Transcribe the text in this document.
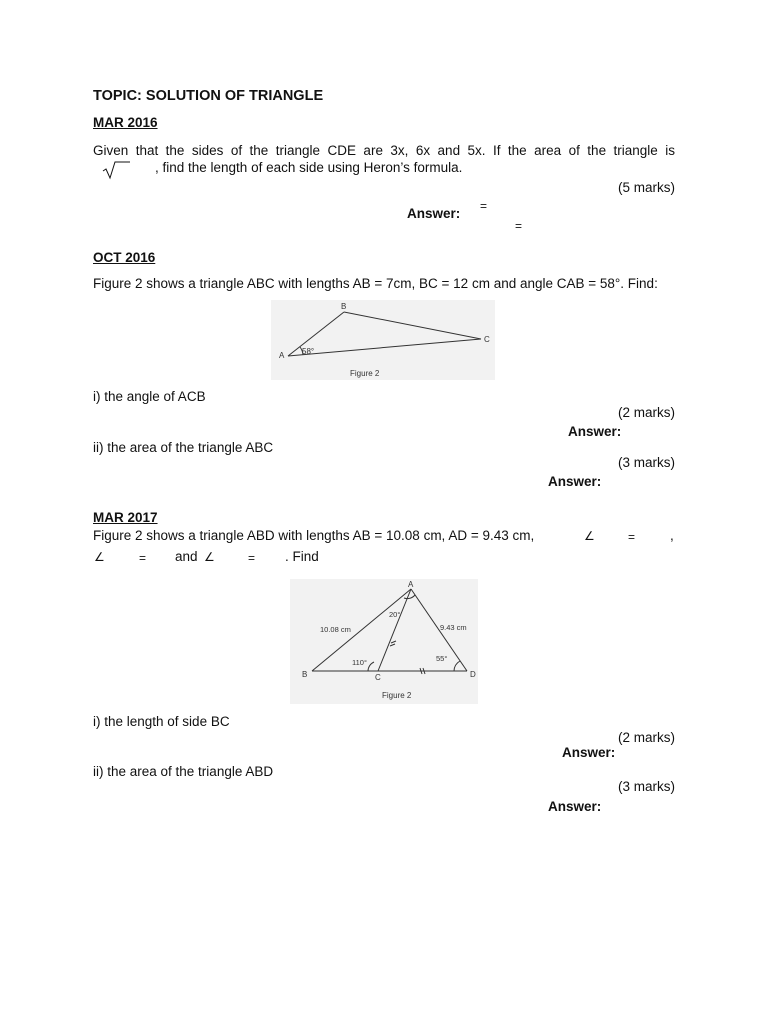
TOPIC: SOLUTION OF TRIANGLE
MAR 2016
Given that the sides of the triangle CDE are 3x, 6x and 5x. If the area of the triangle is
, find the length of each side using Heron’s formula.
(5 marks)
Answer: =
=
OCT 2016
Figure 2 shows a triangle ABC with lengths AB = 7cm, BC = 12 cm and angle CAB = 58°. Find:
A
B
C
58°
Figure 2
i) the angle of ACB
(2 marks)
Answer:
ii) the area of the triangle ABC
(3 marks)
Answer:
MAR 2017
Figure 2 shows a triangle ABD with lengths AB = 10.08 cm, AD = 9.43 cm,	∠	=	,
∠	= and ∠	= . Find
A
B	C	D
10.08 cm	9.43 cm
20°
110°	55°
Figure 2
i) the length of side BC
(2 marks)
Answer:
ii) the area of the triangle ABD
(3 marks)
Answer:
